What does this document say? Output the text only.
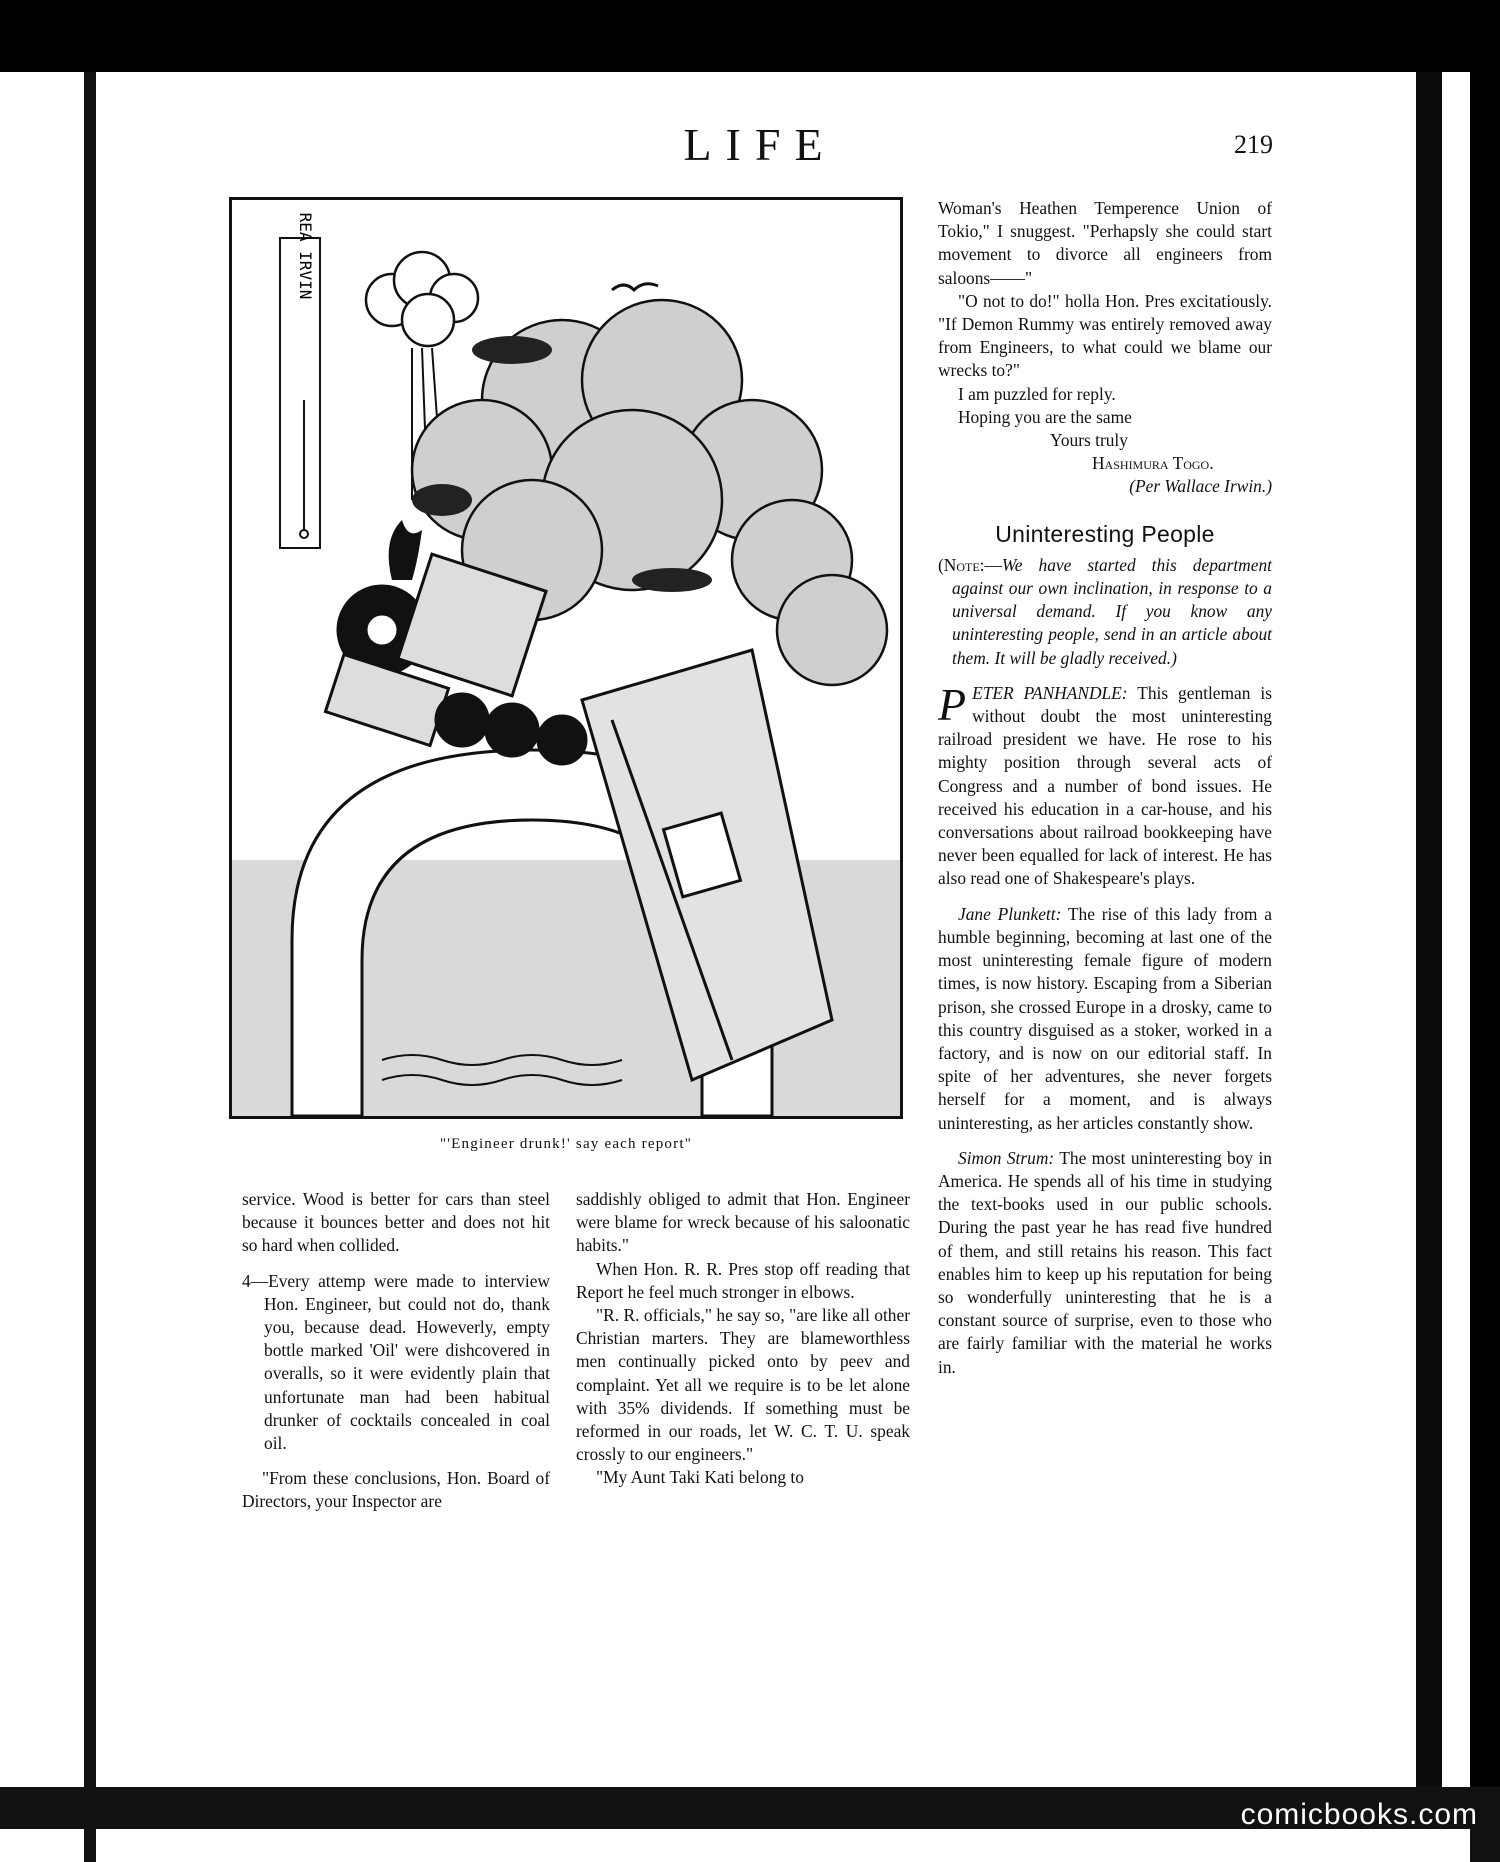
LIFE	219
REA IRVIN
"'Engineer drunk!' say each report"

service. Wood is better for cars than steel because it bounces better and does not hit so hard when collided.

4—Every attemp were made to interview Hon. Engineer, but could not do, thank you, because dead. Howeverly, empty bottle marked 'Oil' were dishcovered in overalls, so it were evidently plain that unfortunate man had been habitual drunker of cocktails concealed in coal oil.

"From these conclusions, Hon. Board of Directors, your Inspector are

saddishly obliged to admit that Hon. Engineer were blame for wreck because of his saloonatic habits."

When Hon. R. R. Pres stop off reading that Report he feel much stronger in elbows.

"R. R. officials," he say so, "are like all other Christian marters. They are blameworthless men continually picked onto by peev and complaint. Yet all we require is to be let alone with 35% dividends. If something must be reformed in our roads, let W. C. T. U. speak crossly to our engineers."

"My Aunt Taki Kati belong to

Woman's Heathen Temperence Union of Tokio," I snuggest. "Perhapsly she could start movement to divorce all engineers from saloons——"

"O not to do!" holla Hon. Pres excitatiously. "If Demon Rummy was entirely removed away from Engineers, to what could we blame our wrecks to?"

I am puzzled for reply.

Hoping you are the same

Yours truly

Hashimura Togo.

(Per Wallace Irwin.)

Uninteresting People

(Note:—We have started this department against our own inclination, in response to a universal demand. If you know any uninteresting people, send in an article about them. It will be gladly received.)

PETER PANHANDLE: This gentleman is without doubt the most uninteresting railroad president we have. He rose to his mighty position through several acts of Congress and a number of bond issues. He received his education in a car-house, and his conversations about railroad bookkeeping have never been equalled for lack of interest. He has also read one of Shakespeare's plays.

Jane Plunkett: The rise of this lady from a humble beginning, becoming at last one of the most uninteresting female figure of modern times, is now history. Escaping from a Siberian prison, she crossed Europe in a drosky, came to this country disguised as a stoker, worked in a factory, and is now on our editorial staff. In spite of her adventures, she never forgets herself for a moment, and is always uninteresting, as her articles constantly show.

Simon Strum: The most uninteresting boy in America. He spends all of his time in studying the text-books used in our public schools. During the past year he has read five hundred of them, and still retains his reason. This fact enables him to keep up his reputation for being so wonderfully uninteresting that he is a constant source of surprise, even to those who are fairly familiar with the material he works in.

comicbooks.com
